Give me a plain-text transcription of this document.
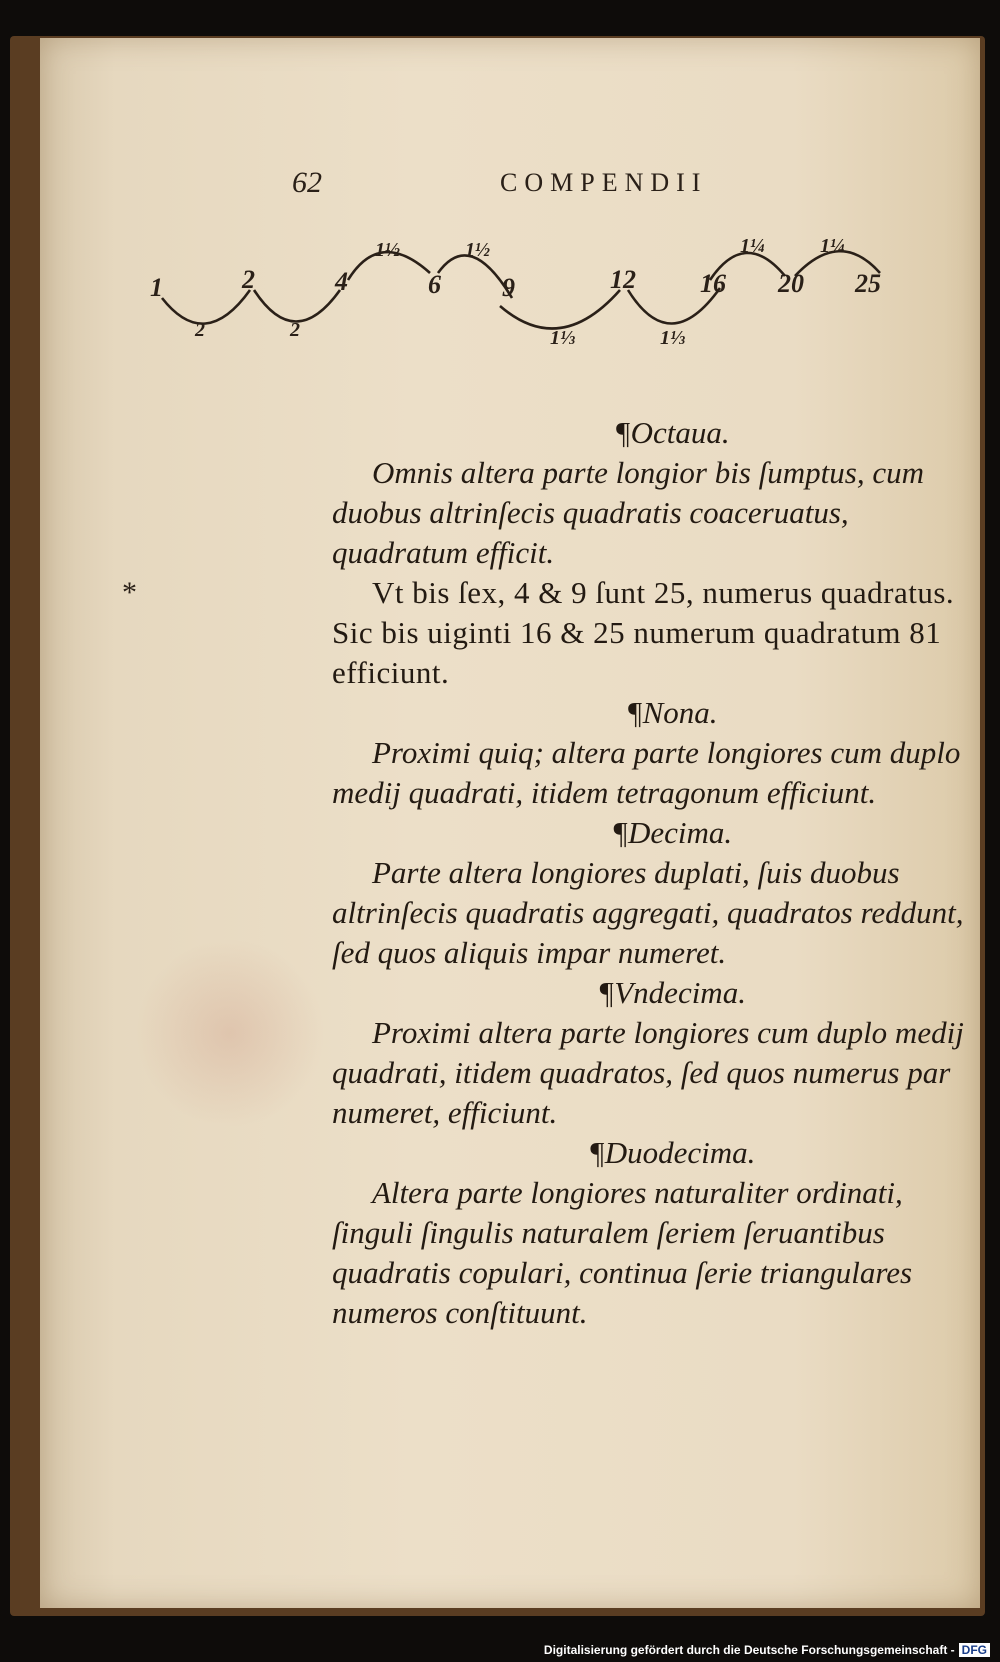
62	COMPENDII
1	2	4	6 9	12 16 20 25
2	2
1½	1½
1⅓	1⅓
1¼	1¼
*

¶Octaua.

Omnis altera parte longior bis ſumptus, cum duobus altrinſecis quadratis coaceruatus, quadratum efficit.

Vt bis ſex, 4 & 9 ſunt 25, numerus quadratus. Sic bis uiginti 16 & 25 numerum quadratum 81 efficiunt.

¶Nona.

Proximi quiq; altera parte longiores cum duplo medij quadrati, itidem tetragonum efficiunt.

¶Decima.

Parte altera longiores duplati, ſuis duobus altrinſecis quadratis aggregati, quadratos reddunt, ſed quos aliquis impar numeret.

¶Vndecima.

Proximi altera parte longiores cum duplo medij quadrati, itidem quadratos, ſed quos numerus par numeret, efficiunt.

¶Duodecima.

Altera parte longiores naturaliter ordinati, ſinguli ſingulis naturalem ſeriem ſeruantibus quadratis copulari, continua ſerie triangulares numeros conſtituunt.

Digitalisierung gefördert durch die Deutsche Forschungsgemeinschaft - DFG
